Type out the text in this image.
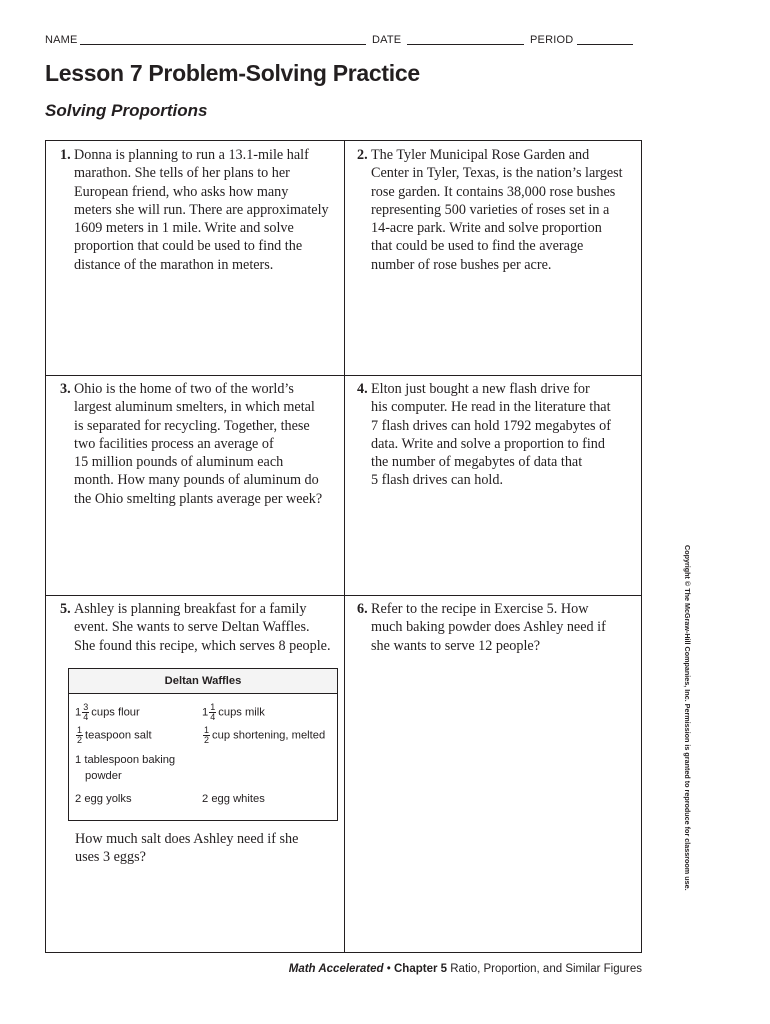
NAME	DATE	PERIOD
Lesson 7 Problem-Solving Practice
Solving Proportions
1. Donna is planning to run a 13.1-mile half
marathon. She tells of her plans to her
European friend, who asks how many
meters she will run. There are approximately
1609 meters in 1 mile. Write and solve
proportion that could be used to find the
distance of the marathon in meters.
2. The Tyler Municipal Rose Garden and
Center in Tyler, Texas, is the nation’s largest
rose garden. It contains 38,000 rose bushes
representing 500 varieties of roses set in a
14-acre park. Write and solve proportion
that could be used to find the average
number of rose bushes per acre.
3. Ohio is the home of two of the world’s
largest aluminum smelters, in which metal
is separated for recycling. Together, these
two facilities process an average of
15 million pounds of aluminum each
month. How many pounds of aluminum do
the Ohio smelting plants average per week?
4. Elton just bought a new flash drive for
his computer. He read in the literature that
7 flash drives can hold 1792 megabytes of
data. Write and solve a proportion to find
the number of megabytes of data that
5 flash drives can hold.
5. Ashley is planning breakfast for a family
event. She wants to serve Deltan Waffles.
She found this recipe, which serves 8 people.
Deltan Waffles
$1 \frac{3}{4}$ cups flour	$1 \frac{1}{4}$ cups milk
$\frac{1}{2}$ teaspoon salt	$\frac{1}{2}$ cup shortening, melted
1 tablespoon baking
powder
2 egg yolks	2 egg whites
How much salt does Ashley need if she
uses 3 eggs?
6. Refer to the recipe in Exercise 5. How
much baking powder does Ashley need if
she wants to serve 12 people?	Copyright © The McGraw-Hill Companies, Inc. Permission is granted to reproduce for classroom use.
Math Accelerated • Chapter 5 Ratio, Proportion, and Similar Figures
